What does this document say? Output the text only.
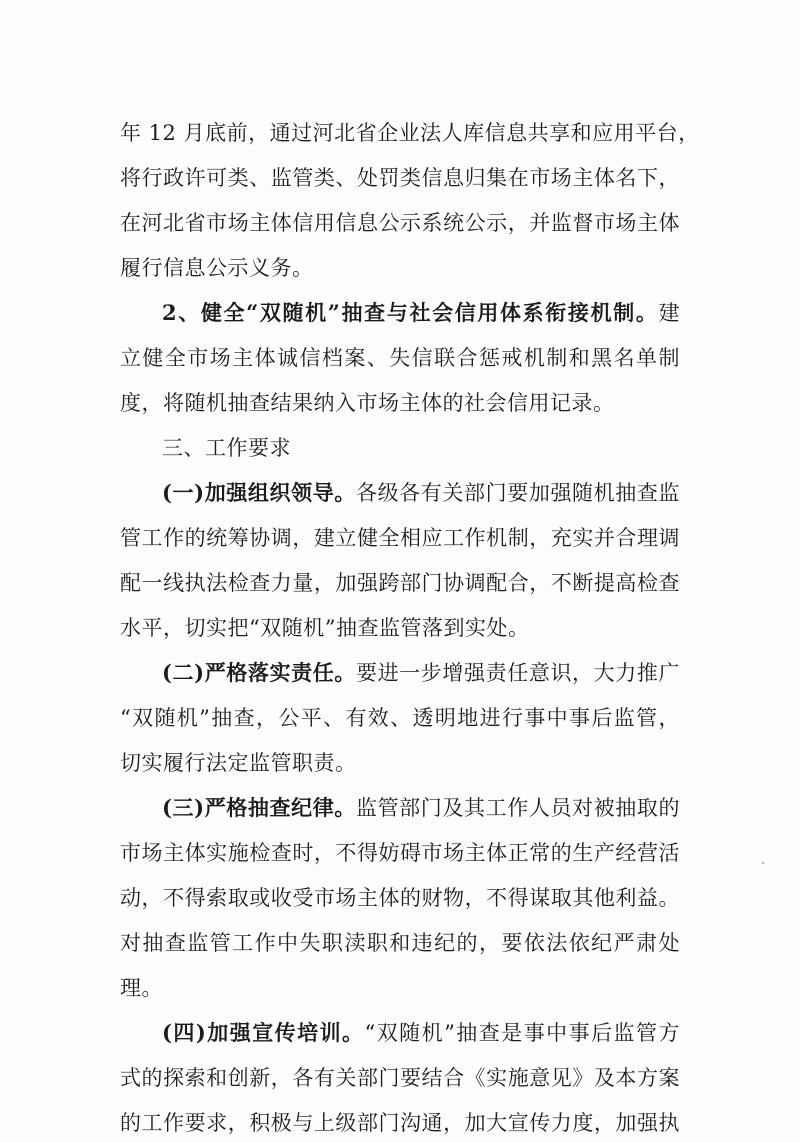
年 12 月底前，通过河北省企业法人库信息共享和应用平台，
将行政许可类、监管类、处罚类信息归集在市场主体名下，
在河北省市场主体信用信息公示系统公示，并监督市场主体
履行信息公示义务。
2、健全“双随机”抽查与社会信用体系衔接机制。建
立健全市场主体诚信档案、失信联合惩戒机制和黑名单制
度，将随机抽查结果纳入市场主体的社会信用记录。
三、工作要求
(一)加强组织领导。各级各有关部门要加强随机抽查监
管工作的统筹协调，建立健全相应工作机制，充实并合理调
配一线执法检查力量，加强跨部门协调配合，不断提高检查
水平，切实把“双随机”抽查监管落到实处。
(二)严格落实责任。要进一步增强责任意识，大力推广
“双随机”抽查，公平、有效、透明地进行事中事后监管，
切实履行法定监管职责。
(三)严格抽查纪律。监管部门及其工作人员对被抽取的
市场主体实施检查时，不得妨碍市场主体正常的生产经营活
动，不得索取或收受市场主体的财物，不得谋取其他利益。
对抽查监管工作中失职渎职和违纪的，要依法依纪严肃处
理。
(四)加强宣传培训。“双随机”抽查是事中事后监管方
式的探索和创新，各有关部门要结合《实施意见》及本方案
的工作要求，积极与上级部门沟通，加大宣传力度，加强执
